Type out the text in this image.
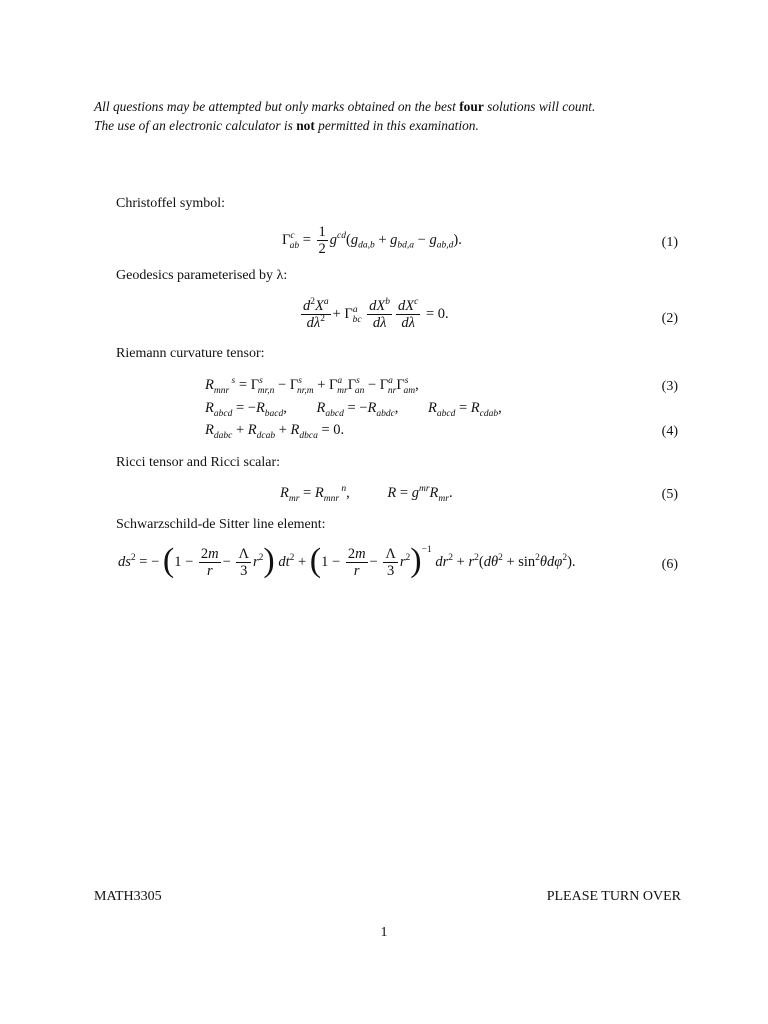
All questions may be attempted but only marks obtained on the best four solutions will count.
The use of an electronic calculator is not permitted in this examination.
Christoffel symbol:
$\Gamma^c_{ab} = \frac{1}{2} g^{cd}(g_{da,b} + g_{bd,a} - g_{ab,d})$.	(1)
Geodesics parameterised by λ:
$\frac{d^2X^a}{d\lambda^2} + \Gamma^a_{bc} \frac{dX^b}{d\lambda} \frac{dX^c}{d\lambda} = 0$.	(2)
Riemann curvature tensor:
$R_{mnr}$ $^s = \Gamma^s_{mr,n} - \Gamma^s_{nr,m} + \Gamma^a_{mr}\Gamma^s_{an} - \Gamma^a_{nr}\Gamma^s_{am}$,	(3)
$R_{abcd} = -R_{bacd}$, $R_{abcd} = -R_{abdc}$, $R_{abcd} = R_{cdab}$,
$R_{dabc} + R_{dcab} + R_{dbca} = 0$.	(4)
Ricci tensor and Ricci scalar:
$R_{mr} = R_{mnr}$ $^n$,	$R = g^{mr}R_{mr}$.	(5)
Schwarzschild-de Sitter line element:
$ds^2$ = − $(1 - \frac{2m}{r} - \frac{\Lambda}{3} r^2)$ $dt^2 + (1 - \frac{2m}{r} - \frac{\Lambda}{3} r^2)^{-1}$ $dr^2 + r^2(d\theta^2 + \sin^2\theta d\varphi^2)$.	(6)
MATH3305	PLEASE TURN OVER
1
